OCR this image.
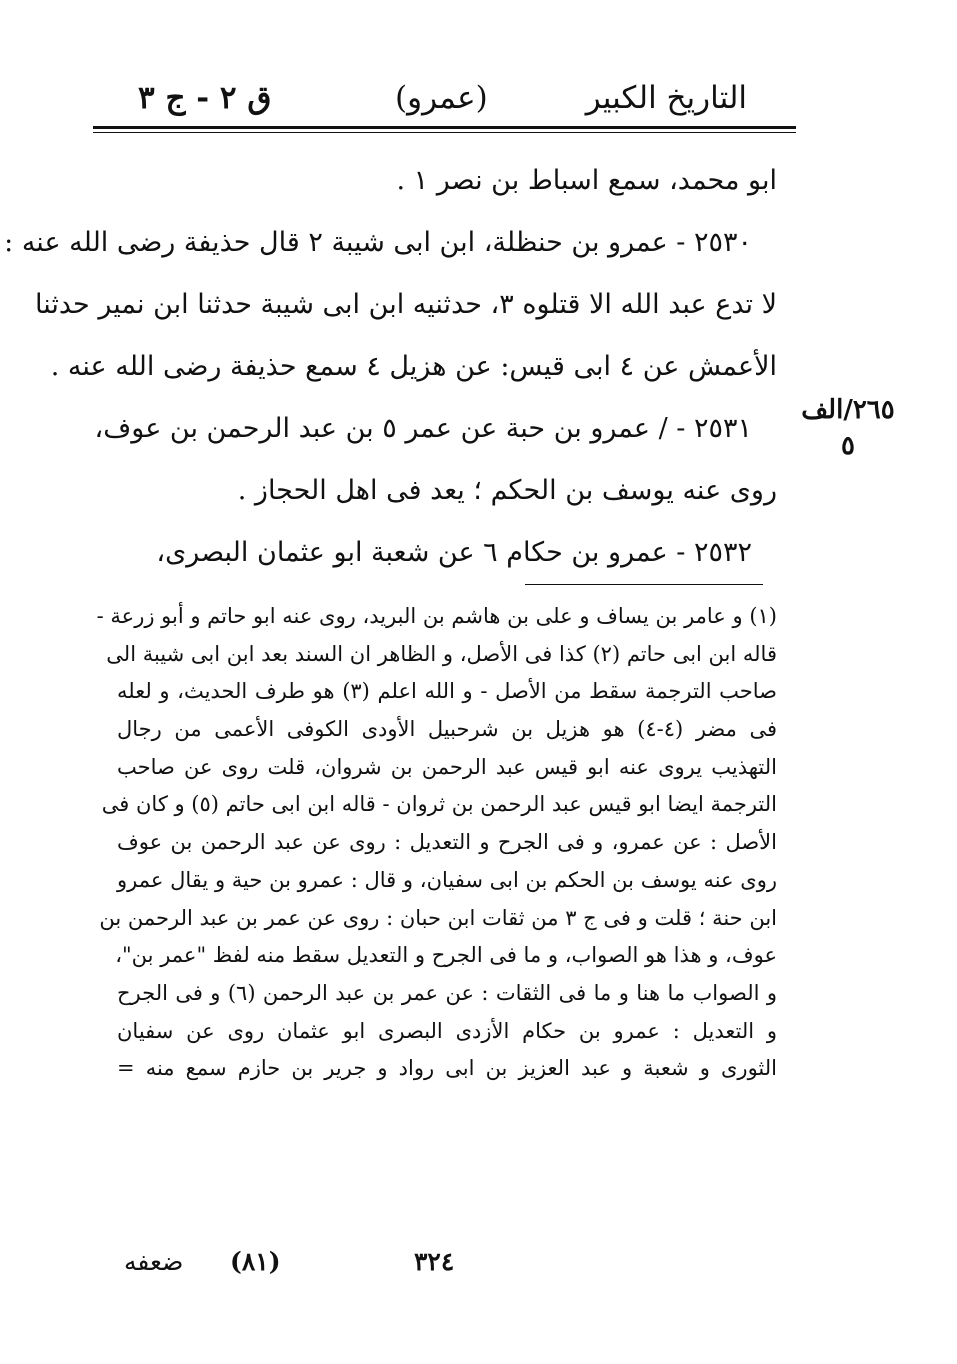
التاريخ الكبير
(عمرو)
ق ٢ - ج ٣
ابو محمد، سمع اسباط بن نصر ١ .
٢٥٣٠ - عمرو بن حنظلة، ابن ابى شيبة ٢ قال حذيفة رضى الله عنه :
لا تدع عبد الله الا قتلوه ٣، حدثنيه ابن ابى شيبة حدثنا ابن نمير حدثنا
الأعمش عن ٤ ابى قيس: عن هزيل ٤ سمع حذيفة رضى الله عنه .
٢٥٣١ - / عمرو بن حبة عن عمر ٥ بن عبد الرحمن بن عوف،
روى عنه يوسف بن الحكم ؛ يعد فى اهل الحجاز .
٢٥٣٢ - عمرو بن حكام ٦ عن شعبة ابو عثمان البصرى،
٢٦٥/الف
٥
(١) و عامر بن يساف و على بن هاشم بن البريد، روى عنه ابو حاتم و أبو زرعة -
قاله ابن ابى حاتم (٢) كذا فى الأصل، و الظاهر ان السند بعد ابن ابى شيبة الى
صاحب الترجمة سقط من الأصل - و الله اعلم (٣) هو طرف الحديث، و لعله
فى مضر (٤-٤) هو هزيل بن شرحبيل الأودى الكوفى الأعمى من رجال
التهذيب يروى عنه ابو قيس عبد الرحمن بن شروان، قلت روى عن صاحب
الترجمة ايضا ابو قيس عبد الرحمن بن ثروان - قاله ابن ابى حاتم (٥) و كان فى
الأصل : عن عمرو، و فى الجرح و التعديل : روى عن عبد الرحمن بن عوف
روى عنه يوسف بن الحكم بن ابى سفيان، و قال : عمرو بن حية و يقال عمرو
ابن حنة ؛ قلت و فى ج ٣ من ثقات ابن حبان : روى عن عمر بن عبد الرحمن بن
عوف، و هذا هو الصواب، و ما فى الجرح و التعديل سقط منه لفظ "عمر بن"،
و الصواب ما هنا و ما فى الثقات : عن عمر بن عبد الرحمن (٦) و فى الجرح
و التعديل : عمرو بن حكام الأزدى البصرى ابو عثمان روى عن سفيان
الثورى و شعبة و عبد العزيز بن ابى رواد و جرير بن حازم سمع منه =
٣٢٤
(٨١)
ضعفه
